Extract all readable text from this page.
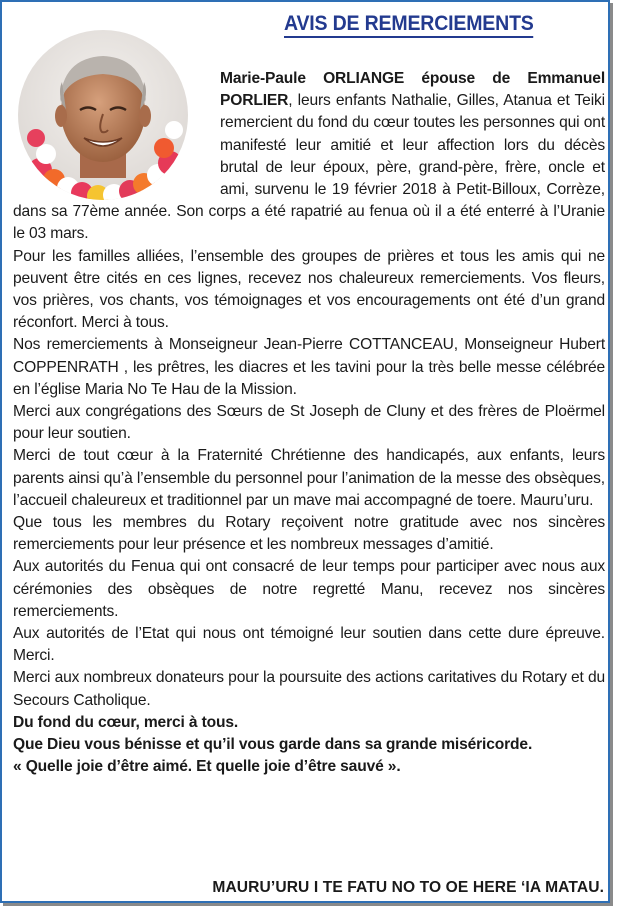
AVIS DE REMERCIEMENTS

Marie-Paule ORLIANGE épouse de Emmanuel PORLIER, leurs enfants Nathalie, Gilles, Atanua et Teiki remercient du fond du cœur toutes les personnes qui ont manifesté leur amitié et leur affection lors du décès brutal de leur époux, père, grand-père, frère, oncle et ami, survenu le 19 février 2018 à Petit-Billoux, Corrèze, dans sa 77ème année. Son corps a été rapatrié au fenua où il a été enterré à l’Uranie le 03 mars.

Pour les familles alliées, l’ensemble des groupes de prières et tous les amis qui ne peuvent être cités en ces lignes, recevez nos chaleureux remerciements. Vos fleurs, vos prières, vos chants, vos témoignages et vos encouragements ont été d’un grand réconfort. Merci à tous.

Nos remerciements à Monseigneur Jean-Pierre COTTANCEAU, Monseigneur Hubert COPPENRATH , les prêtres, les diacres et les tavini pour la très belle messe célébrée en l’église Maria No Te Hau de la Mission.

Merci aux congrégations des Sœurs de St Joseph de Cluny et des frères de Ploërmel pour leur soutien.

Merci de tout cœur à la Fraternité Chrétienne des handicapés, aux enfants, leurs parents ainsi qu’à l’ensemble du personnel pour l’animation de la messe des obsèques, l’accueil chaleureux et traditionnel par un mave mai accompagné de toere. Mauru’uru.

Que tous les membres du Rotary reçoivent notre gratitude avec nos sincères remerciements pour leur présence et les nombreux messages d’amitié.

Aux autorités du Fenua qui ont consacré de leur temps pour participer avec nous aux cérémonies des obsèques de notre regretté Manu, recevez nos sincères remerciements.

Aux autorités de l’Etat qui nous ont témoigné leur soutien dans cette dure épreuve. Merci.

Merci aux nombreux donateurs pour la poursuite des actions caritatives du Rotary et du Secours Catholique.

Du fond du cœur, merci à tous.

Que Dieu vous bénisse et qu’il vous garde dans sa grande miséricorde.

« Quelle joie d’être aimé. Et quelle joie d’être sauvé ».

MAURU’URU I TE FATU NO TO OE HERE ‘IA MATAU.
